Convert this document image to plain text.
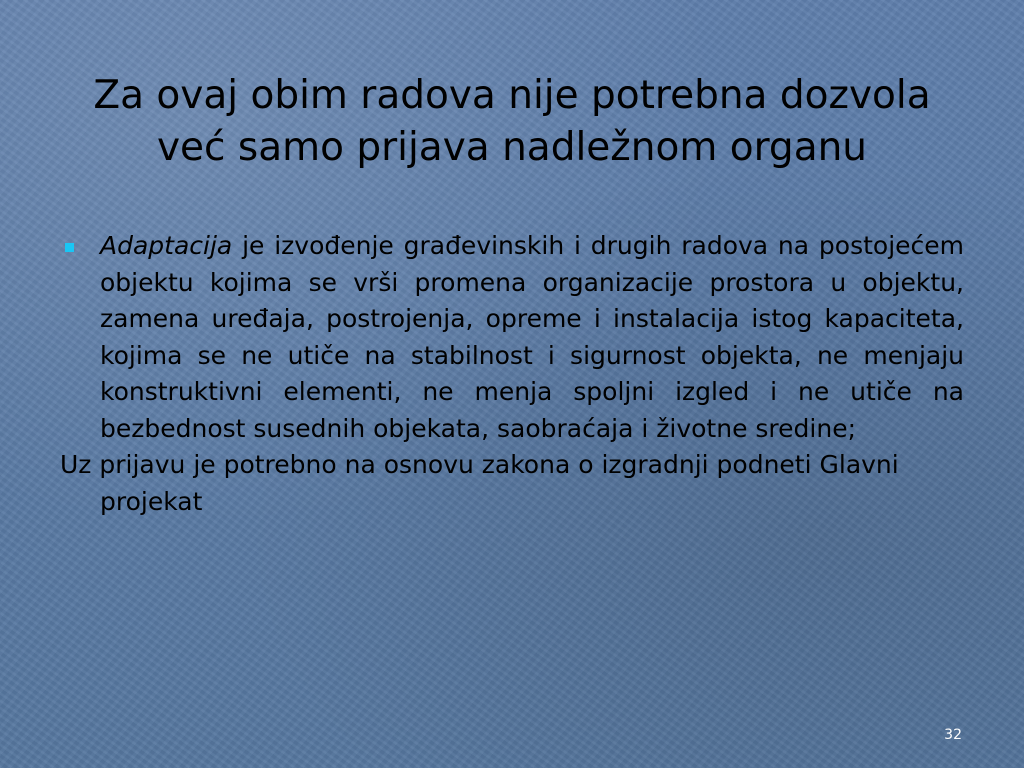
Za ovaj obim radova nije potrebna dozvola
već samo prijava nadležnom organu
Adaptacija je izvođenje građevinskih i drugih radova na postojećem objektu kojima se vrši promena organizacije prostora u objektu, zamena uređaja, postrojenja, opreme i instalacija istog kapaciteta, kojima se ne utiče na stabilnost i sigurnost objekta, ne menjaju konstruktivni elementi, ne menja spoljni izgled i ne utiče na bezbednost susednih objekata, saobraćaja i životne sredine;
Uz prijavu je potrebno na osnovu zakona o izgradnji podneti Glavni projekat
32
